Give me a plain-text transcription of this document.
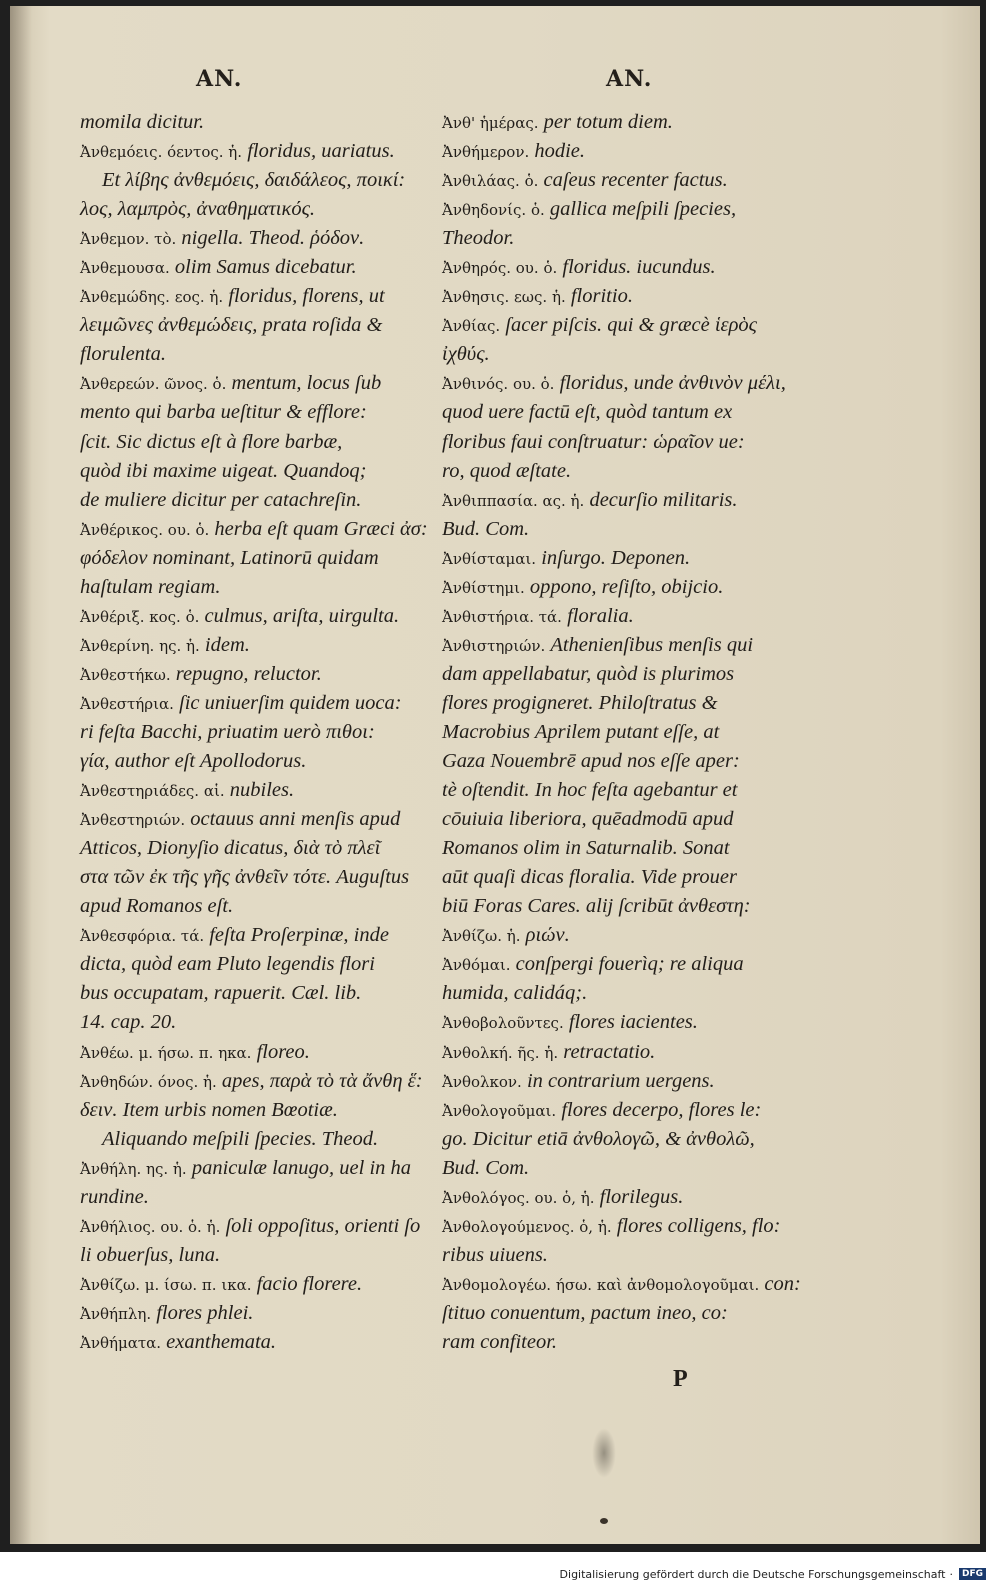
AN.	AN.
momila dicitur.
Ἀνθεμόεις. όεντος. ἡ. floridus, uariatus.
Et λίβης ἀνθεμόεις, δαιδάλεος, ποικί:
λος, λαμπρὸς, ἀναθηματικός.
Ἀνθεμον. τὸ. nigella. Theod. ῥόδον.
Ἀνθεμουσα. olim Samus dicebatur.
Ἀνθεμώδης. εος. ἡ. floridus, florens, ut
λειμῶνες ἀνθεμώδεις, prata roſida &
florulenta.
Ἀνθερεών. ῶνος. ὁ. mentum, locus ſub
mento qui barba ueſtitur & efflore:
ſcit. Sic dictus eſt à flore barbæ,
quòd ibi maxime uigeat. Quandoq;
de muliere dicitur per catachreſin.
Ἀνθέρικος. ου. ὁ. herba eſt quam Græci ἀσ:
φόδελον nominant, Latinorū quidam
haſtulam regiam.
Ἀνθέριξ. κος. ὁ. culmus, ariſta, uirgulta.
Ἀνθερίνη. ης. ἡ. idem.
Ἀνθεστήκω. repugno, reluctor.
Ἀνθεστήρια. ſic uniuerſim quidem uoca:
ri feſta Bacchi, priuatim uerò πιθοι:
γία, author eſt Apollodorus.
Ἀνθεστηριάδες. αἱ. nubiles.
Ἀνθεστηριών. octauus anni menſis apud
Atticos, Dionyſio dicatus, διὰ τὸ πλεῖ
στα τῶν ἐκ τῆς γῆς ἀνθεῖν τότε. Auguſtus
apud Romanos eſt.
Ἀνθεσφόρια. τά. feſta Proſerpinæ, inde
dicta, quòd eam Pluto legendis flori
bus occupatam, rapuerit. Cæl. lib.
14. cap. 20.
Ἀνθέω. μ. ήσω. π. ηκα. floreo.
Ἀνθηδών. όνος. ἡ. apes, παρὰ τὸ τὰ ἄνθη ἕ:
δειν. Item urbis nomen Bœotiæ.
Aliquando meſpili ſpecies. Theod.
Ἀνθήλη. ης. ἡ. paniculæ lanugo, uel in ha
rundine.
Ἀνθήλιος. ου. ὁ. ἡ. ſoli oppoſitus, orienti ſo
li obuerſus, luna.
Ἀνθίζω. μ. ίσω. π. ικα. facio florere.
Ἀνθήπλη. flores phlei.
Ἀνθήματα. exanthemata.
Ἀνθ' ἡμέρας. per totum diem.
Ἀνθήμερον. hodie.
Ἀνθιλάας. ὁ. caſeus recenter factus.
Ἀνθηδονίς. ὁ. gallica meſpili ſpecies,
Theodor.
Ἀνθηρός. ου. ὁ. floridus. iucundus.
Ἀνθησις. εως. ἡ. floritio.
Ἀνθίας. ſacer piſcis. qui & græcè ἱερὸς
ἰχθύς.
Ἀνθινός. ου. ὁ. floridus, unde ἀνθινὸν μέλι,
quod uere factū eſt, quòd tantum ex
floribus faui conſtruatur: ὡραῖον ue:
ro, quod æſtate.
Ἀνθιππασία. ας. ἡ. decurſio militaris.
Bud. Com.
Ἀνθίσταμαι. inſurgo. Deponen.
Ἀνθίστημι. oppono, reſiſto, obijcio.
Ἀνθιστήρια. τά. floralia.
Ἀνθιστηριών. Athenienſibus menſis qui
dam appellabatur, quòd is plurimos
flores progigneret. Philoſtratus &
Macrobius Aprilem putant eſſe, at
Gaza Nouembrē apud nos eſſe aper:
tè oſtendit. In hoc feſta agebantur et
cōuiuia liberiora, quēadmodū apud
Romanos olim in Saturnalib. Sonat
aūt quaſi dicas floralia. Vide prouer
biū Foras Cares. alij ſcribūt ἀνθεστη:
Ἀνθίζω. ἡ. ριών.
Ἀνθόμαι. conſpergi fouerìq; re aliqua
humida, calidáq;.
Ἀνθοβολοῦντες. flores iacientes.
Ἀνθολκή. ῆς. ἡ. retractatio.
Ἀνθολκον. in contrarium uergens.
Ἀνθολογοῦμαι. flores decerpo, flores le:
go. Dicitur etiā ἀνθολογῶ, & ἀνθολῶ,
Bud. Com.
Ἀνθολόγος. ου. ὁ, ἡ. florilegus.
Ἀνθολογούμενος. ὁ, ἡ. flores colligens, flo:
ribus uiuens.
Ἀνθομολογέω. ήσω. καὶ ἀνθομολογοῦμαι. con:
ſtituo conuentum, pactum ineo, co:
ram confiteor.
P
Digitalisierung gefördert durch die Deutsche Forschungsgemeinschaft ·	DFG
